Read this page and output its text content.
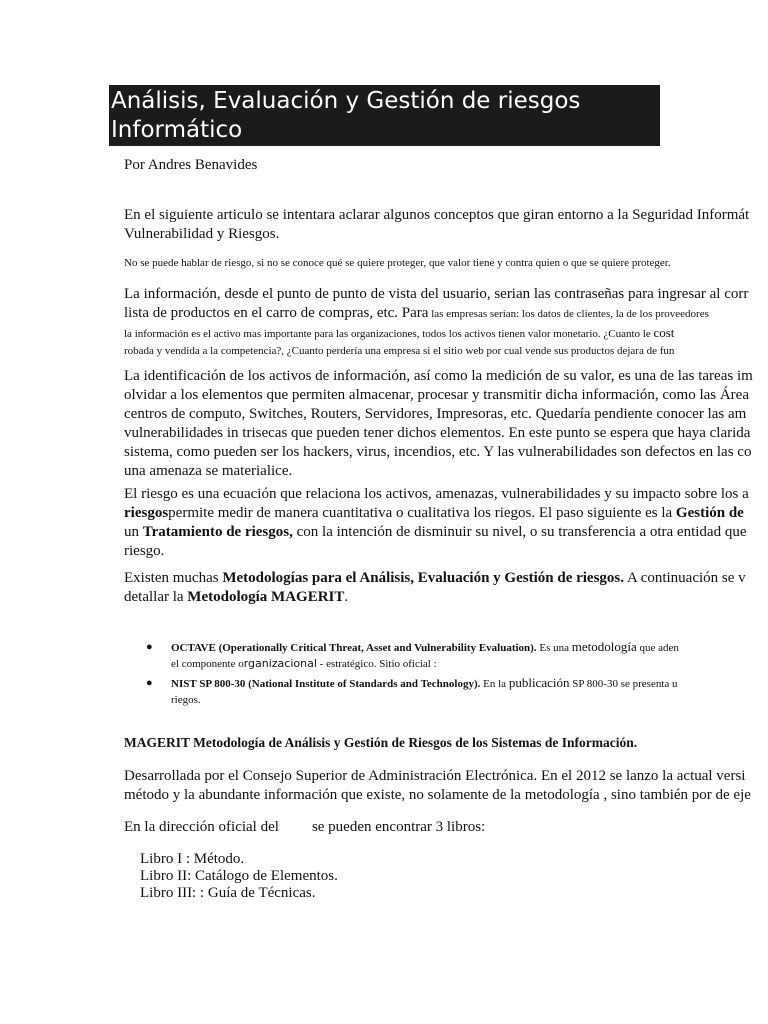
Análisis, Evaluación y Gestión de riesgos
Informático
Por Andres Benavides
En el siguiente articulo se intentara aclarar algunos conceptos que giran entorno a la Seguridad Informát
Vulnerabilidad y Riesgos.
No se puede hablar de riesgo, si no se conoce qué se quiere proteger, que valor tiene y contra quien o que se quiere proteger.
La información, desde el punto de punto de vista del usuario, serian las contraseñas para ingresar al corr
lista de productos en el carro de compras, etc. Para las empresas serian: los datos de clientes, la de los proveedores
la información es el activo mas importante para las organizaciones, todos los activos tienen valor monetario. ¿Cuanto le cost
robada y vendida a la competencia?, ¿Cuanto perdería una empresa si el sitio web por cual vende sus productos dejara de fun
La identificación de los activos de información, así como la medición de su valor, es una de las tareas im
olvidar a los elementos que permiten almacenar, procesar y transmitir dicha información, como las Área
centros de computo, Switches, Routers, Servidores, Impresoras, etc. Quedaría pendiente conocer las am
vulnerabilidades in trisecas que pueden tener dichos elementos. En este punto se espera que haya clarida
sistema, como pueden ser los hackers, virus, incendios, etc. Y las vulnerabilidades son defectos en las co
una amenaza se materialice.
El riesgo es una ecuación que relaciona los activos, amenazas, vulnerabilidades y su impacto sobre los a
riesgospermite medir de manera cuantitativa o cualitativa los riegos. El paso siguiente es la Gestión de
un Tratamiento de riesgos, con la intención de disminuir su nivel, o su transferencia a otra entidad que
riesgo.
Existen muchas Metodologías para el Análisis, Evaluación y Gestión de riesgos. A continuación se v
detallar la Metodología MAGERIT.
● OCTAVE (Operationally Critical Threat, Asset and Vulnerability Evaluation). Es una metodología que aden
el componente organizacional - estratégico. Sitio oficial :
● NIST SP 800-30 (National Institute of Standards and Technology). En la publicación SP 800-30 se presenta u
riegos.
MAGERIT Metodología de Análisis y Gestión de Riesgos de los Sistemas de Información.
Desarrollada por el Consejo Superior de Administración Electrónica. En el 2012 se lanzo la actual versi
método y la abundante información que existe, no solamente de la metodología , sino también por de eje
En la dirección oficial del se pueden encontrar 3 libros:
Libro I : Método.
Libro II: Catálogo de Elementos.
Libro III: : Guía de Técnicas.
